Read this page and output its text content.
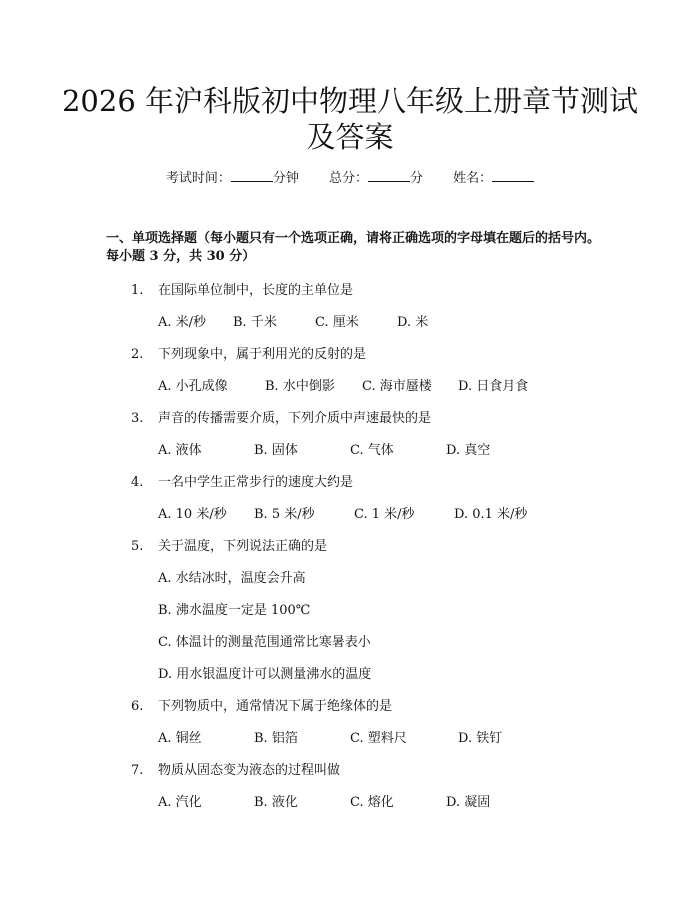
2026 年沪科版初中物理八年级上册章节测试
及答案
考试时间：	分钟 总分：	分 姓名：
一、单项选择题（每小题只有一个选项正确，请将正确选项的字母填在题后的括号内。每小题 3 分，共 30 分）
1. 在国际单位制中，长度的主单位是
A. 米/秒 B. 千米	C. 厘米	D. 米
2. 下列现象中，属于利用光的反射的是
A. 小孔成像	B. 水中倒影 C. 海市蜃楼 D. 日食月食
3. 声音的传播需要介质，下列介质中声速最快的是
A. 液体	B. 固体	C. 气体	D. 真空
4. 一名中学生正常步行的速度大约是
A. 10 米/秒 B. 5 米/秒	C. 1 米/秒	D. 0.1 米/秒
5. 关于温度，下列说法正确的是
A. 水结冰时，温度会升高
B. 沸水温度一定是 100℃
C. 体温计的测量范围通常比寒暑表小
D. 用水银温度计可以测量沸水的温度
6. 下列物质中，通常情况下属于绝缘体的是
A. 铜丝	B. 铝箔	C. 塑料尺	D. 铁钉
7. 物质从固态变为液态的过程叫做
A. 汽化	B. 液化	C. 熔化	D. 凝固
